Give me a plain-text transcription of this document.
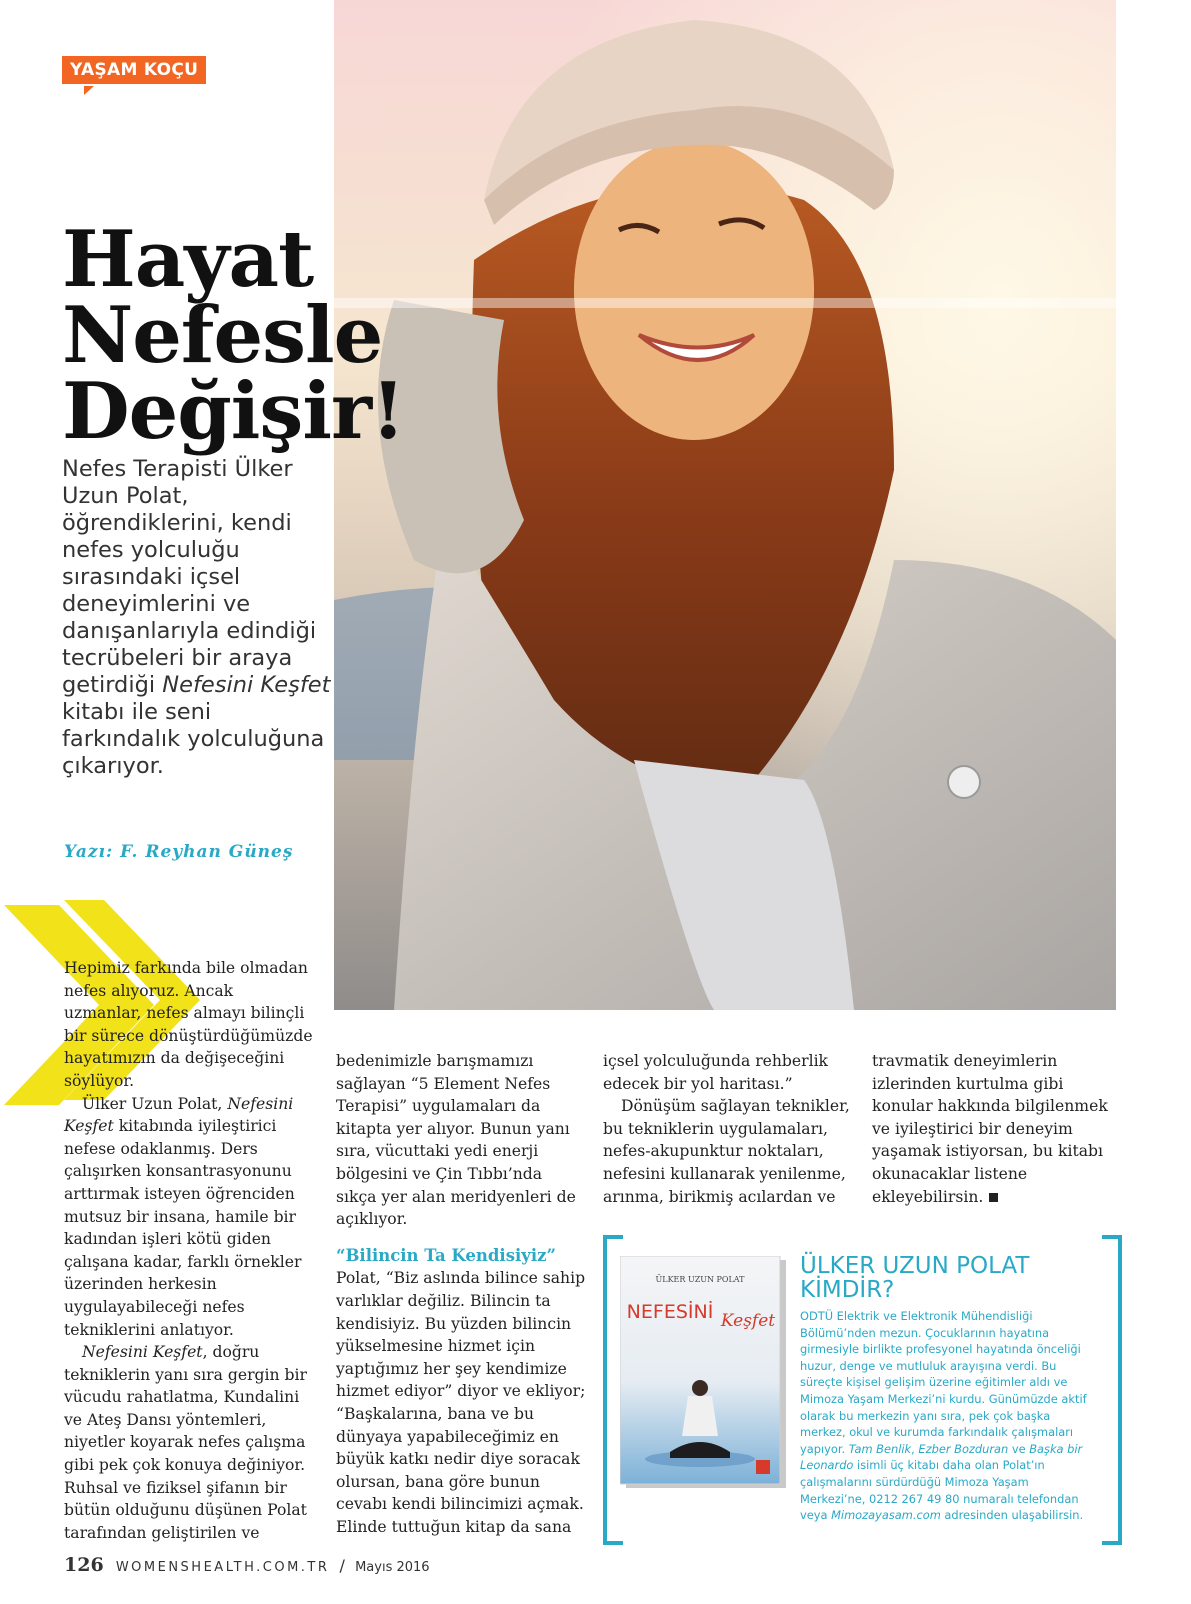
YAŞAM KOÇU
Hayat
Nefesle
Değişir!
Nefes Terapisti Ülker Uzun Polat, öğrendiklerini, kendi nefes yolculuğu sırasındaki içsel deneyimlerini ve danışanlarıyla edindiği tecrübeleri bir araya getirdiği Nefesini Keşfet kitabı ile seni farkındalık yolculuğuna çıkarıyor.
Yazı: F. Reyhan Güneş

Hepimiz farkında bile olmadan nefes alıyoruz. Ancak uzmanlar, nefes almayı bilinçli bir sürece dönüştürdüğümüzde hayatımızın da değişeceğini söylüyor.

Ülker Uzun Polat, Nefesini Keşfet kitabında iyileştirici nefese odaklanmış. Ders çalışırken konsantrasyonunu arttırmak isteyen öğrenciden mutsuz bir insana, hamile bir kadından işleri kötü giden çalışana kadar, farklı örnekler üzerinden herkesin uygulayabileceği nefes tekniklerini anlatıyor.

Nefesini Keşfet, doğru tekniklerin yanı sıra gergin bir vücudu rahatlatma, Kundalini ve Ateş Dansı yöntemleri, niyetler koyarak nefes çalışma gibi pek çok konuya değiniyor. Ruhsal ve fiziksel şifanın bir bütün olduğunu düşünen Polat tarafından geliştirilen ve

bedenimizle barışmamızı sağlayan “5 Element Nefes Terapisi” uygulamaları da kitapta yer alıyor. Bunun yanı sıra, vücuttaki yedi enerji bölgesini ve Çin Tıbbı’nda sıkça yer alan meridyenleri de açıklıyor.

“Bilincin Ta Kendisiyiz”

Polat, “Biz aslında bilince sahip varlıklar değiliz. Bilincin ta kendisiyiz. Bu yüzden bilincin yükselmesine hizmet için yaptığımız her şey kendimize hizmet ediyor” diyor ve ekliyor; “Başkalarına, bana ve bu dünyaya yapabileceğimiz en büyük katkı nedir diye soracak olursan, bana göre bunun cevabı kendi bilincimizi açmak. Elinde tuttuğun kitap da sana

içsel yolculuğunda rehberlik edecek bir yol haritası.”

Dönüşüm sağlayan teknikler, bu tekniklerin uygulamaları, nefes-akupunktur noktaları, nefesini kullanarak yenilenme, arınma, birikmiş acılardan ve

travmatik deneyimlerin izlerinden kurtulma gibi konular hakkında bilgilenmek ve iyileştirici bir deneyim yaşamak istiyorsan, bu kitabı okunacaklar listene ekleyebilirsin.

ÜLKER UZUN POLAT
NEFESİNİ Keşfet
ÜLKER UZUN POLAT KİMDİR?
ODTÜ Elektrik ve Elektronik Mühendisliği Bölümü’nden mezun. Çocuklarının hayatına girmesiyle birlikte profesyonel hayatında önceliği huzur, denge ve mutluluk arayışına verdi. Bu süreçte kişisel gelişim üzerine eğitimler aldı ve Mimoza Yaşam Merkezi’ni kurdu. Günümüzde aktif olarak bu merkezin yanı sıra, pek çok başka merkez, okul ve kurumda farkındalık çalışmaları yapıyor. Tam Benlik, Ezber Bozduran ve Başka bir Leonardo isimli üç kitabı daha olan Polat’ın çalışmalarını sürdürdüğü Mimoza Yaşam Merkezi’ne, 0212 267 49 80 numaralı telefondan veya Mimozayasam.com adresinden ulaşabilirsin.
126 WOMENSHEALTH.COM.TR / Mayıs 2016
